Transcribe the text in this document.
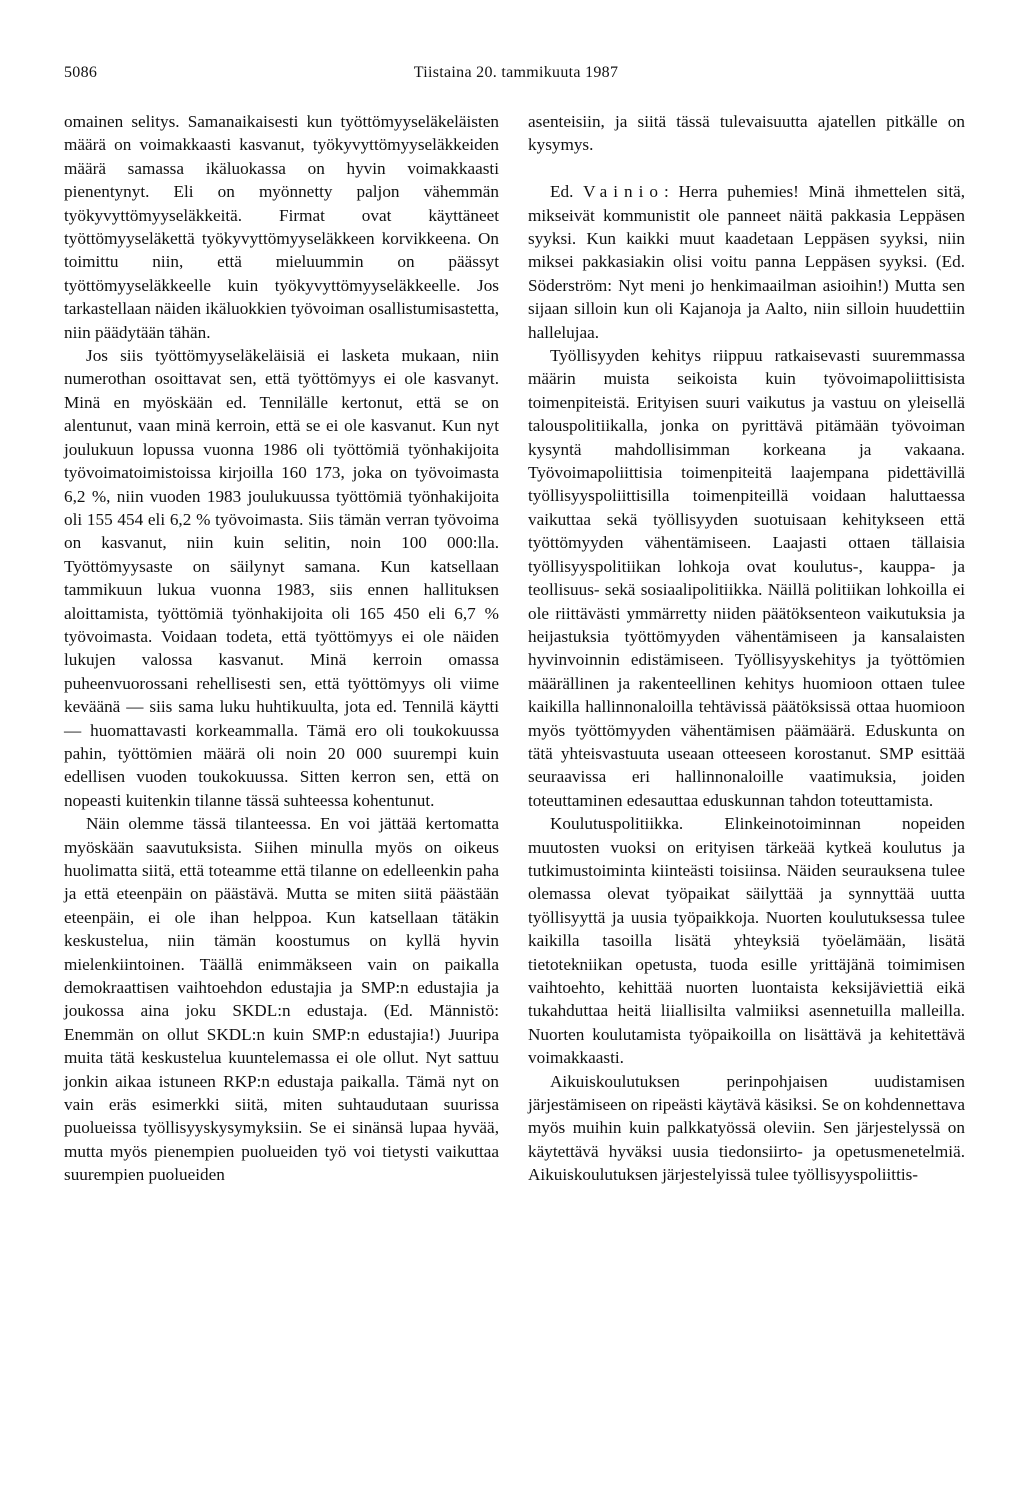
5086	Tiistaina 20. tammikuuta 1987

omainen selitys. Samanaikaisesti kun työttömyyseläkeläisten määrä on voimakkaasti kasvanut, työkyvyttömyyseläkkeiden määrä samassa ikäluokassa on hyvin voimakkaasti pienentynyt. Eli on myönnetty paljon vähemmän työkyvyttömyyseläkkeitä. Firmat ovat käyttäneet työttömyyseläkettä työkyvyttömyyseläkkeen korvikkeena. On toimittu niin, että mieluummin on päässyt työttömyyseläkkeelle kuin työkyvyttömyyseläkkeelle. Jos tarkastellaan näiden ikäluokkien työvoiman osallistumisastetta, niin päädytään tähän.

Jos siis työttömyyseläkeläisiä ei lasketa mukaan, niin numerothan osoittavat sen, että työttömyys ei ole kasvanyt. Minä en myöskään ed. Tennilälle kertonut, että se on alentunut, vaan minä kerroin, että se ei ole kasvanut. Kun nyt joulukuun lopussa vuonna 1986 oli työttömiä työnhakijoita työvoimatoimistoissa kirjoilla 160 173, joka on työvoimasta 6,2 %, niin vuoden 1983 joulukuussa työttömiä työnhakijoita oli 155 454 eli 6,2 % työvoimasta. Siis tämän verran työvoima on kasvanut, niin kuin selitin, noin 100 000:lla. Työttömyysaste on säilynyt samana. Kun katsellaan tammikuun lukua vuonna 1983, siis ennen hallituksen aloittamista, työttömiä työnhakijoita oli 165 450 eli 6,7 % työvoimasta. Voidaan todeta, että työttömyys ei ole näiden lukujen valossa kasvanut. Minä kerroin omassa puheenvuorossani rehellisesti sen, että työttömyys oli viime keväänä — siis sama luku huhtikuulta, jota ed. Tennilä käytti — huomattavasti korkeammalla. Tämä ero oli toukokuussa pahin, työttömien määrä oli noin 20 000 suurempi kuin edellisen vuoden toukokuussa. Sitten kerron sen, että on nopeasti kuitenkin tilanne tässä suhteessa kohentunut.

Näin olemme tässä tilanteessa. En voi jättää kertomatta myöskään saavutuksista. Siihen minulla myös on oikeus huolimatta siitä, että toteamme että tilanne on edelleenkin paha ja että eteenpäin on päästävä. Mutta se miten siitä päästään eteenpäin, ei ole ihan helppoa. Kun katsellaan tätäkin keskustelua, niin tämän koostumus on kyllä hyvin mielenkiintoinen. Täällä enimmäkseen vain on paikalla demokraattisen vaihtoehdon edustajia ja SMP:n edustajia ja joukossa aina joku SKDL:n edustaja. (Ed. Männistö: Enemmän on ollut SKDL:n kuin SMP:n edustajia!) Juuripa muita tätä keskustelua kuuntelemassa ei ole ollut. Nyt sattuu jonkin aikaa istuneen RKP:n edustaja paikalla. Tämä nyt on vain eräs esimerkki siitä, miten suhtaudutaan suurissa puolueissa työllisyyskysymyksiin. Se ei sinänsä lupaa hyvää, mutta myös pienempien puolueiden työ voi tietysti vaikuttaa suurempien puolueiden

asenteisiin, ja siitä tässä tulevaisuutta ajatellen pitkälle on kysymys.

Ed. Vainio: Herra puhemies! Minä ihmettelen sitä, mikseivät kommunistit ole panneet näitä pakkasia Leppäsen syyksi. Kun kaikki muut kaadetaan Leppäsen syyksi, niin miksei pakkasiakin olisi voitu panna Leppäsen syyksi. (Ed. Söderström: Nyt meni jo henkimaailman asioihin!) Mutta sen sijaan silloin kun oli Kajanoja ja Aalto, niin silloin huudettiin hallelujaa.

Työllisyyden kehitys riippuu ratkaisevasti suuremmassa määrin muista seikoista kuin työvoimapoliittisista toimenpiteistä. Erityisen suuri vaikutus ja vastuu on yleisellä talouspolitiikalla, jonka on pyrittävä pitämään työvoiman kysyntä mahdollisimman korkeana ja vakaana. Työvoimapoliittisia toimenpiteitä laajempana pidettävillä työllisyyspoliittisilla toimenpiteillä voidaan haluttaessa vaikuttaa sekä työllisyyden suotuisaan kehitykseen että työttömyyden vähentämiseen. Laajasti ottaen tällaisia työllisyyspolitiikan lohkoja ovat koulutus-, kauppa- ja teollisuus- sekä sosiaalipolitiikka. Näillä politiikan lohkoilla ei ole riittävästi ymmärretty niiden päätöksenteon vaikutuksia ja heijastuksia työttömyyden vähentämiseen ja kansalaisten hyvinvoinnin edistämiseen. Työllisyyskehitys ja työttömien määrällinen ja rakenteellinen kehitys huomioon ottaen tulee kaikilla hallinnonaloilla tehtävissä päätöksissä ottaa huomioon myös työttömyyden vähentämisen päämäärä. Eduskunta on tätä yhteisvastuuta useaan otteeseen korostanut. SMP esittää seuraavissa eri hallinnonaloille vaatimuksia, joiden toteuttaminen edesauttaa eduskunnan tahdon toteuttamista.

Koulutuspolitiikka. Elinkeinotoiminnan nopeiden muutosten vuoksi on erityisen tärkeää kytkeä koulutus ja tutkimustoiminta kiinteästi toisiinsa. Näiden seurauksena tulee olemassa olevat työpaikat säilyttää ja synnyttää uutta työllisyyttä ja uusia työpaikkoja. Nuorten koulutuksessa tulee kaikilla tasoilla lisätä yhteyksiä työelämään, lisätä tietotekniikan opetusta, tuoda esille yrittäjänä toimimisen vaihtoehto, kehittää nuorten luontaista keksijäviettiä eikä tukahduttaa heitä liiallisilta valmiiksi asennetuilla malleilla. Nuorten koulutamista työpaikoilla on lisättävä ja kehitettävä voimakkaasti.

Aikuiskoulutuksen perinpohjaisen uudistamisen järjestämiseen on ripeästi käytävä käsiksi. Se on kohdennettava myös muihin kuin palkkatyössä oleviin. Sen järjestelyssä on käytettävä hyväksi uusia tiedonsiirto- ja opetusmenetelmiä. Aikuiskoulutuksen järjestelyissä tulee työllisyyspoliittis-
